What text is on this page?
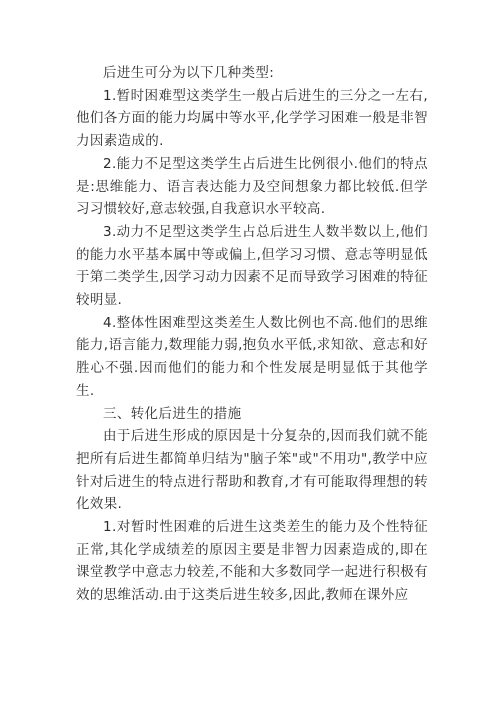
后进生可分为以下几种类型:

1.暂时困难型这类学生一般占后进生的三分之一左右,他们各方面的能力均属中等水平,化学学习困难一般是非智力因素造成的.

2.能力不足型这类学生占后进生比例很小.他们的特点是:思维能力、语言表达能力及空间想象力都比较低.但学习习惯较好,意志较强,自我意识水平较高.

3.动力不足型这类学生占总后进生人数半数以上,他们的能力水平基本属中等或偏上,但学习习惯、意志等明显低于第二类学生,因学习动力因素不足而导致学习困难的特征较明显.

4.整体性困难型这类差生人数比例也不高.他们的思维能力,语言能力,数理能力弱,抱负水平低,求知欲、意志和好胜心不强.因而他们的能力和个性发展是明显低于其他学生.

三、转化后进生的措施

由于后进生形成的原因是十分复杂的,因而我们就不能把所有后进生都简单归结为"脑子笨"或"不用功",教学中应针对后进生的特点进行帮助和教育,才有可能取得理想的转化效果.

1.对暂时性困难的后进生这类差生的能力及个性特征正常,其化学成绩差的原因主要是非智力因素造成的,即在课堂教学中意志力较差,不能和大多数同学一起进行积极有效的思维活动.由于这类后进生较多,因此,教师在课外应
